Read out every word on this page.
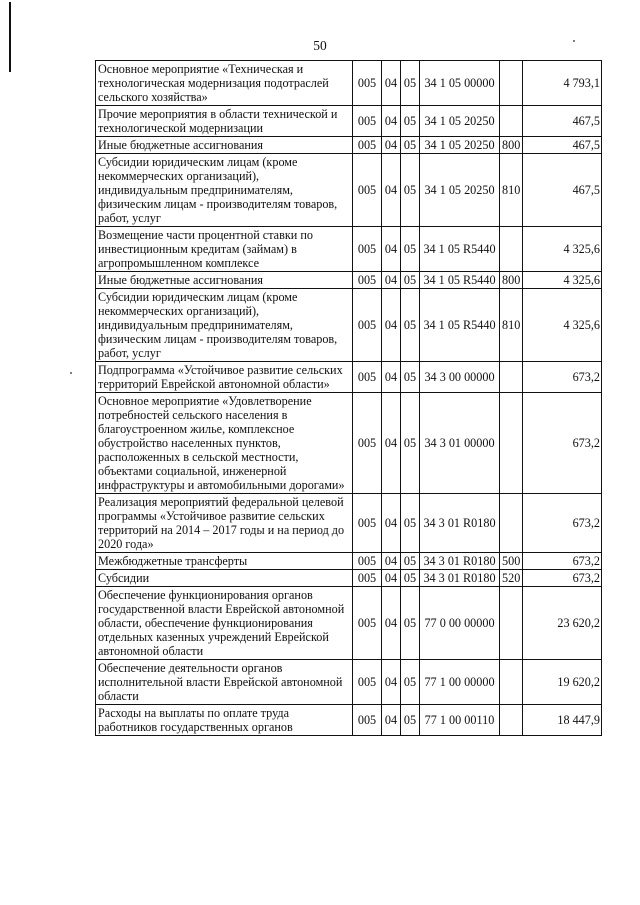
50
Основное мероприятие «Техническая и технологическая модернизация подотраслей сельского хозяйства»	005	04	05	34 1 05 00000		4 793,1
Прочие мероприятия в области технической и технологической модернизации	005	04	05	34 1 05 20250		467,5
Иные бюджетные ассигнования	005	04	05	34 1 05 20250	800	467,5
Субсидии юридическим лицам (кроме некоммерческих организаций), индивидуальным предпринимателям, физическим лицам - производителям товаров, работ, услуг	005	04	05	34 1 05 20250	810	467,5
Возмещение части процентной ставки по инвестиционным кредитам (займам) в агропромышленном комплексе	005	04	05	34 1 05 R5440		4 325,6
Иные бюджетные ассигнования	005	04	05	34 1 05 R5440	800	4 325,6
Субсидии юридическим лицам (кроме некоммерческих организаций), индивидуальным предпринимателям, физическим лицам - производителям товаров, работ, услуг	005	04	05	34 1 05 R5440	810	4 325,6
Подпрограмма «Устойчивое развитие сельских территорий Еврейской автономной области»	005	04	05	34 3 00 00000		673,2
Основное мероприятие «Удовлетворение потребностей сельского населения в благоустроенном жилье, комплексное обустройство населенных пунктов, расположенных в сельской местности, объектами социальной, инженерной инфраструктуры и автомобильными дорогами»	005	04	05	34 3 01 00000		673,2
Реализация мероприятий федеральной целевой программы «Устойчивое развитие сельских территорий на 2014 – 2017 годы и на период до 2020 года»	005	04	05	34 3 01 R0180		673,2
Межбюджетные трансферты	005	04	05	34 3 01 R0180	500	673,2
Субсидии	005	04	05	34 3 01 R0180	520	673,2
Обеспечение функционирования органов государственной власти Еврейской автономной области, обеспечение функционирования отдельных казенных учреждений Еврейской автономной области	005	04	05	77 0 00 00000		23 620,2
Обеспечение деятельности органов исполнительной власти Еврейской автономной области	005	04	05	77 1 00 00000		19 620,2
Расходы на выплаты по оплате труда работников государственных органов	005	04	05	77 1 00 00110		18 447,9
